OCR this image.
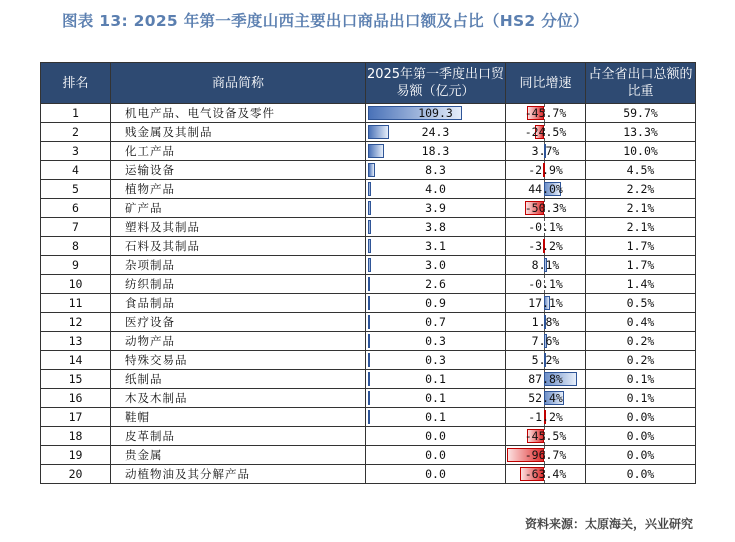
图表 13: 2025 年第一季度山西主要出口商品出口额及占比（HS2 分位）
排名	商品简称	2025年第一季度出口贸易额（亿元）	同比增速	占全省出口总额的比重
1	机电产品、电气设备及零件	109.3	-45.7%	59.7%
2	贱金属及其制品	24.3	-24.5%	13.3%
3	化工产品	18.3	3.7%	10.0%
4	运输设备	8.3	-2.9%	4.5%
5	植物产品	4.0	44.0%	2.2%
6	矿产品	3.9	-50.3%	2.1%
7	塑料及其制品	3.8	-0.1%	2.1%
8	石料及其制品	3.1	-3.2%	1.7%
9	杂项制品	3.0	8.1%	1.7%
10	纺织制品	2.6	-0.1%	1.4%
11	食品制品	0.9	17.1%	0.5%
12	医疗设备	0.7	1.8%	0.4%
13	动物产品	0.3	7.6%	0.2%
14	特殊交易品	0.3	5.2%	0.2%
15	纸制品	0.1	87.8%	0.1%
16	木及木制品	0.1	52.4%	0.1%
17	鞋帽	0.1	-1.2%	0.0%
18	皮革制品	0.0	-45.5%	0.0%
19	贵金属	0.0	-96.7%	0.0%
20	动植物油及其分解产品	0.0	-63.4%	0.0%
资料来源：太原海关，兴业研究
